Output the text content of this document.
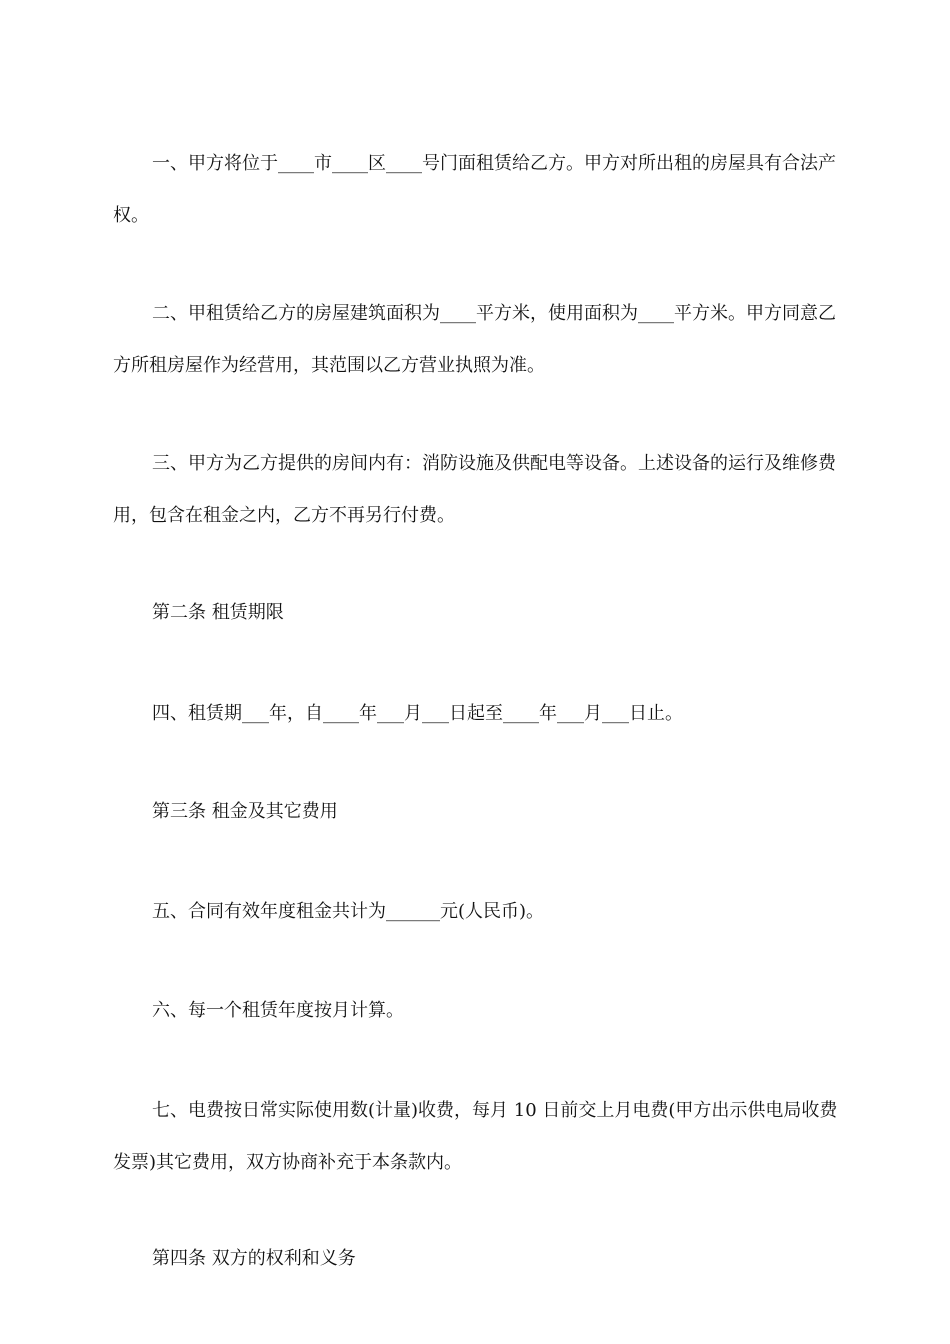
一、甲方将位于____市____区____号门面租赁给乙方。甲方对所出租的房屋具有合法产权。

二、甲租赁给乙方的房屋建筑面积为____平方米，使用面积为____平方米。甲方同意乙方所租房屋作为经营用，其范围以乙方营业执照为准。

三、甲方为乙方提供的房间内有：消防设施及供配电等设备。上述设备的运行及维修费用，包含在租金之内，乙方不再另行付费。

第二条 租赁期限

四、租赁期___年，自____年___月___日起至____年___月___日止。

第三条 租金及其它费用

五、合同有效年度租金共计为______元(人民币)。

六、每一个租赁年度按月计算。

七、电费按日常实际使用数(计量)收费，每月 10 日前交上月电费(甲方出示供电局收费发票)其它费用，双方协商补充于本条款内。

第四条 双方的权利和义务
